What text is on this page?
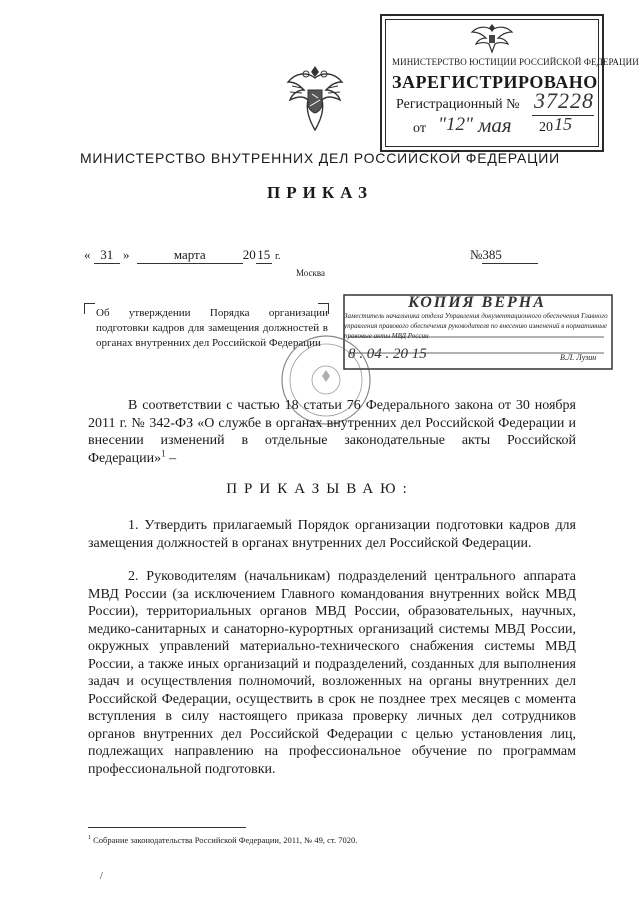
МИНИСТЕРСТВО ЮСТИЦИИ РОССИЙСКОЙ ФЕДЕРАЦИИ
ЗАРЕГИСТРИРОВАНО
Регистрационный № 37228
от "12" мая 20 15
МИНИСТЕРСТВО ВНУТРЕННИХ ДЕЛ РОССИЙСКОЙ ФЕДЕРАЦИИ
ПРИКАЗ
« 31 »	марта	20 15 г.	№385
Москва
Об утверждении Порядка организации подготовки кадров для замещения должностей в органах внутренних дел Российской Федерации
КОПИЯ ВЕРНА
Заместитель начальника отдела Управления документационного обеспечения Главного управления правового обеспечения руководителя по внесению изменений в нормативные правовые акты МВД России
8 . 04 . 20 15	В.Л. Лузин
В соответствии с частью 18 статьи 76 Федерального закона от 30 ноября 2011 г. № 342-ФЗ «О службе в органах внутренних дел Российской Федерации и внесении изменений в отдельные законодательные акты Российской Федерации»$^1$ –
ПРИКАЗЫВАЮ:
1. Утвердить прилагаемый Порядок организации подготовки кадров для замещения должностей в органах внутренних дел Российской Федерации.
2. Руководителям (начальникам) подразделений центрального аппарата МВД России (за исключением Главного командования внутренних войск МВД России), территориальных органов МВД России, образовательных, научных, медико-санитарных и санаторно-курортных организаций системы МВД России, окружных управлений материально-технического снабжения системы МВД России, а также иных организаций и подразделений, созданных для выполнения задач и осуществления полномочий, возложенных на органы внутренних дел Российской Федерации, осуществить в срок не позднее трех месяцев с момента вступления в силу настоящего приказа проверку личных дел сотрудников органов внутренних дел Российской Федерации с целью установления лиц, подлежащих направлению на профессиональное обучение по программам профессиональной подготовки.
$^1$ Собрание законодательства Российской Федерации, 2011, № 49, ст. 7020.
/
